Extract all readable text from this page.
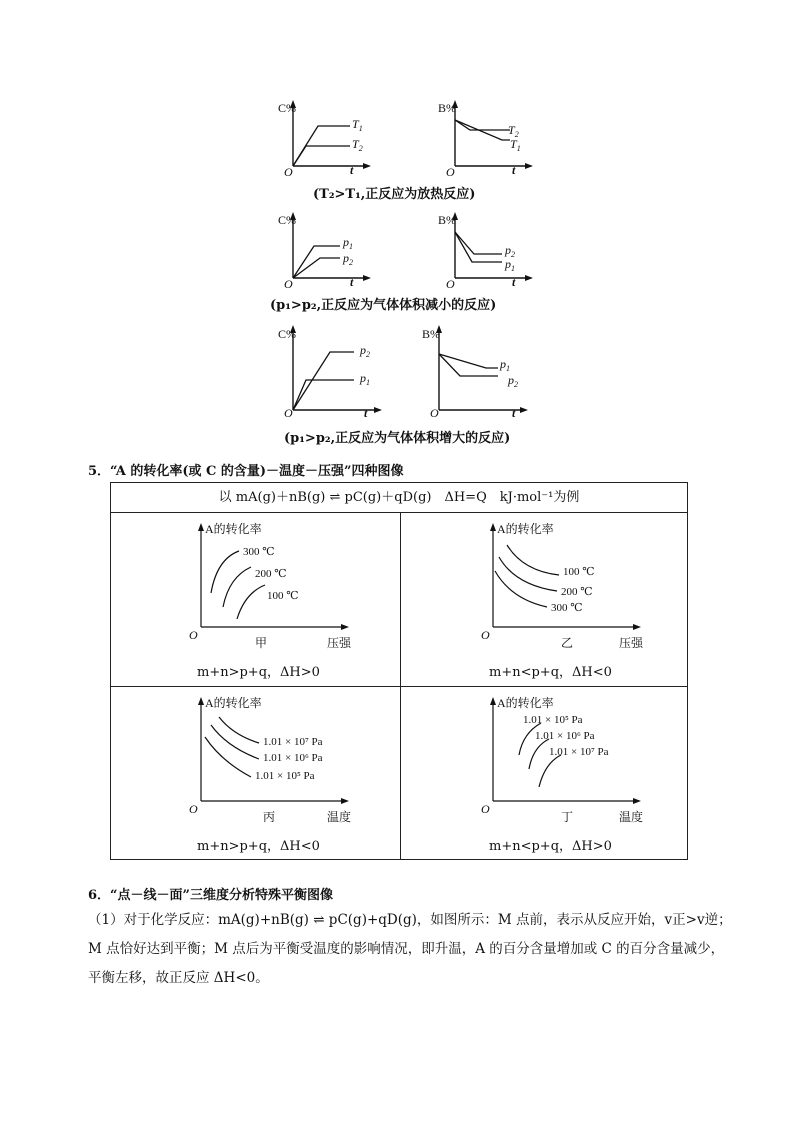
C%
O	t
$T_1$
$T_2$
B%
O	t
$T_2$
$T_1$
(T₂>T₁,正反应为放热反应)
C%
O	t
$p_1$
$p_2$
B%
O	t
$p_2$
$p_1$
(p₁>p₂,正反应为气体体积减小的反应)
C%
O	t
$p_2$
$p_1$
B%
O	t
$p_1$
$p_2$
(p₁>p₂,正反应为气体体积增大的反应)
5．“A 的转化率(或 C 的含量)－温度－压强”四种图像
以 mA(g)＋nB(g) ⇌ pC(g)＋qD(g)　ΔH=Q　kJ·mol⁻¹为例
A的转化率
300 ℃
200 ℃
100 ℃
O
压强
甲
m+n>p+q，ΔH>0
A的转化率
100 ℃
200 ℃
300 ℃
O
压强
乙
m+n<p+q，ΔH<0
A的转化率
1.01 × 10⁷ Pa
1.01 × 10⁶ Pa
1.01 × 10⁵ Pa
O
温度
丙
m+n>p+q，ΔH<0
A的转化率
1.01 × 10⁵ Pa
1.01 × 10⁶ Pa
1.01 × 10⁷ Pa
O
温度
丁
m+n<p+q，ΔH>0
6．“点－线－面”三维度分析特殊平衡图像
（1）对于化学反应：mA(g)+nB(g) ⇌ pC(g)+qD(g)，如图所示：M 点前，表示从反应开始，v正>v逆；
M 点恰好达到平衡；M 点后为平衡受温度的影响情况，即升温，A 的百分含量增加或 C 的百分含量减少，
平衡左移，故正反应 ΔH<0。
